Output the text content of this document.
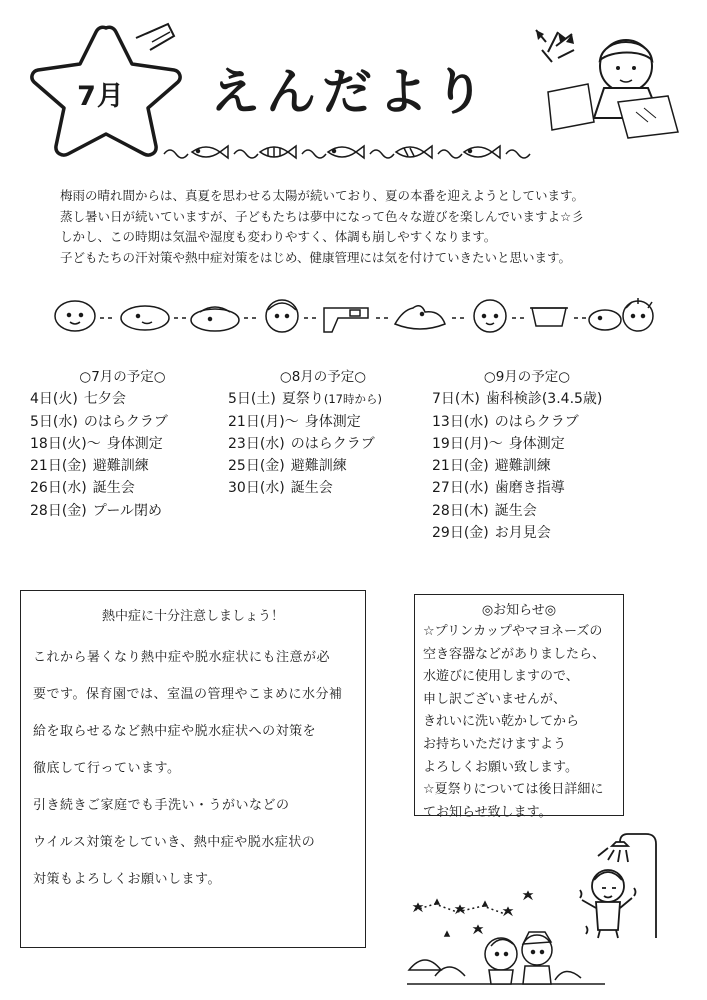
7月 えんだより

梅雨の晴れ間からは、真夏を思わせる太陽が続いており、夏の本番を迎えようとしています。

蒸し暑い日が続いていますが、子どもたちは夢中になって色々な遊びを楽しんでいますよ☆彡

しかし、この時期は気温や湿度も変わりやすく、体調も崩しやすくなります。

子どもたちの汗対策や熱中症対策をはじめ、健康管理には気を付けていきたいと思います。

○7月の予定○
4日(火) 七夕会
5日(水) のはらクラブ
18日(火)〜 身体測定
21日(金) 避難訓練
26日(水) 誕生会
28日(金) プール閉め
○8月の予定○
5日(土) 夏祭り(17時から)
21日(月)〜 身体測定
23日(水) のはらクラブ
25日(金) 避難訓練
30日(水) 誕生会
○9月の予定○
7日(木) 歯科検診(3.4.5歳)
13日(水) のはらクラブ
19日(月)〜 身体測定
21日(金) 避難訓練
27日(水) 歯磨き指導
28日(木) 誕生会
29日(金) お月見会
熱中症に十分注意しましょう！

これから暑くなり熱中症や脱水症状にも注意が必

要です。保育園では、室温の管理やこまめに水分補

給を取らせるなど熱中症や脱水症状への対策を

徹底して行っています。

引き続きご家庭でも手洗い・うがいなどの

ウイルス対策をしていき、熱中症や脱水症状の

対策もよろしくお願いします。

◎お知らせ◎

☆プリンカップやマヨネーズの

空き容器などがありましたら、

水遊びに使用しますので、

申し訳ございませんが、

きれいに洗い乾かしてから

お持ちいただけますよう

よろしくお願い致します。

☆夏祭りについては後日詳細に

てお知らせ致します。
